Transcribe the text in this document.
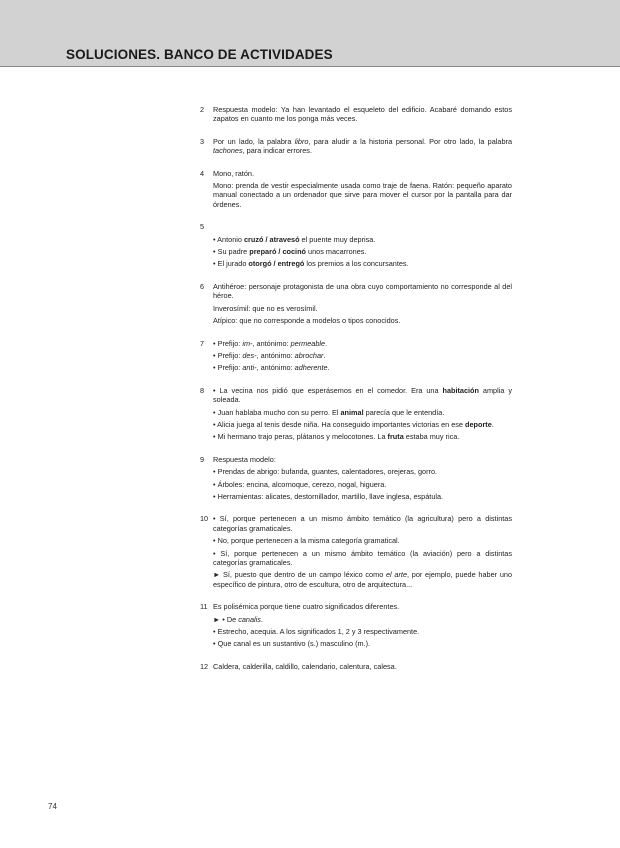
SOLUCIONES. BANCO DE ACTIVIDADES
2 Respuesta modelo: Ya han levantado el esqueleto del edificio. Acabaré domando estos zapatos en cuanto me los ponga más veces.

3 Por un lado, la palabra libro, para aludir a la historia personal. Por otro lado, la palabra tachones, para indicar errores.

4 Mono, ratón.

Mono: prenda de vestir especialmente usada como traje de faena. Ratón: pequeño aparato manual conectado a un ordenador que sirve para mover el cursor por la pantalla para dar órdenes.

5

• Antonio cruzó / atravesó el puente muy deprisa.

• Su padre preparó / cocinó unos macarrones.

• El jurado otorgó / entregó los premios a los concursantes.

6 Antihéroe: personaje protagonista de una obra cuyo comportamiento no corresponde al del héroe.

Inverosímil: que no es verosímil.

Atípico: que no corresponde a modelos o tipos conocidos.

7 • Prefijo: im-, antónimo: permeable.

• Prefijo: des-, antónimo: abrochar.

• Prefijo: anti-, antónimo: adherente.

8 • La vecina nos pidió que esperásemos en el comedor. Era una habitación amplia y soleada.

• Juan hablaba mucho con su perro. El animal parecía que le entendía.

• Alicia juega al tenis desde niña. Ha conseguido importantes victorias en ese deporte.

• Mi hermano trajo peras, plátanos y melocotones. La fruta estaba muy rica.

9 Respuesta modelo:

• Prendas de abrigo: bufanda, guantes, calentadores, orejeras, gorro.

• Árboles: encina, alcornoque, cerezo, nogal, higuera.

• Herramientas: alicates, destornillador, martillo, llave inglesa, espátula.

10 • Sí, porque pertenecen a un mismo ámbito temático (la agricultura) pero a distintas categorías gramaticales.

• No, porque pertenecen a la misma categoría gramatical.

• Sí, porque pertenecen a un mismo ámbito temático (la aviación) pero a distintas categorías gramaticales.

► Sí, puesto que dentro de un campo léxico como el arte, por ejemplo, puede haber uno específico de pintura, otro de escultura, otro de arquitectura...

11 Es polisémica porque tiene cuatro significados diferentes.

► • De canalis.

• Estrecho, acequia. A los significados 1, 2 y 3 respectivamente.

• Que canal es un sustantivo (s.) masculino (m.).

12 Caldera, calderilla, caldillo, calendario, calentura, calesa.

74
